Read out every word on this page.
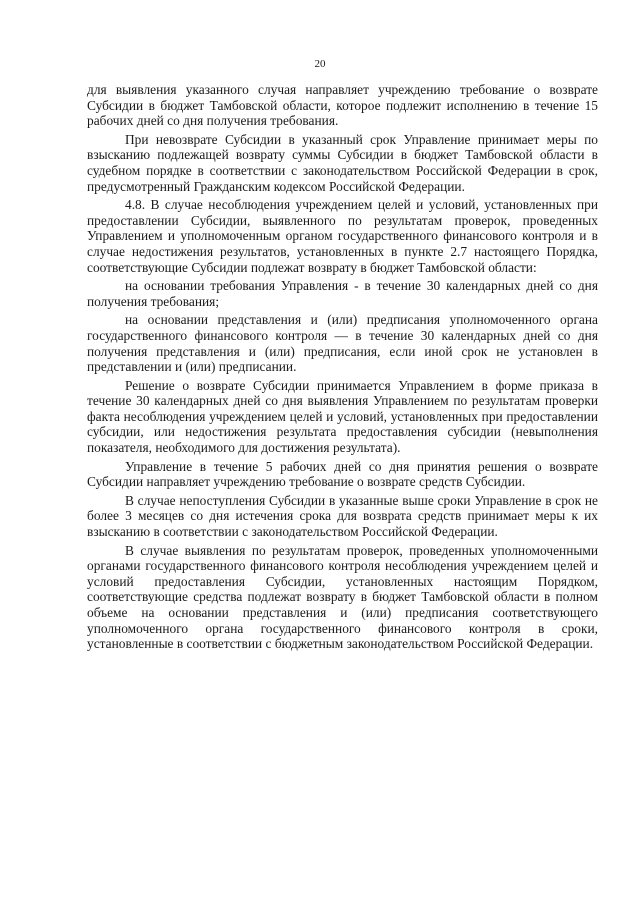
20

для выявления указанного случая направляет учреждению требование о возврате Субсидии в бюджет Тамбовской области, которое подлежит исполнению в течение 15 рабочих дней со дня получения требования.

При невозврате Субсидии в указанный срок Управление принимает меры по взысканию подлежащей возврату суммы Субсидии в бюджет Тамбовской области в судебном порядке в соответствии с законодательством Российской Федерации в срок, предусмотренный Гражданским кодексом Российской Федерации.

4.8. В случае несоблюдения учреждением целей и условий, установленных при предоставлении Субсидии, выявленного по результатам проверок, проведенных Управлением и уполномоченным органом государственного финансового контроля и в случае недостижения результатов, установленных в пункте 2.7 настоящего Порядка, соответствующие Субсидии подлежат возврату в бюджет Тамбовской области:

на основании требования Управления - в течение 30 календарных дней со дня получения требования;

на основании представления и (или) предписания уполномоченного органа государственного финансового контроля — в течение 30 календарных дней со дня получения представления и (или) предписания, если иной срок не установлен в представлении и (или) предписании.

Решение о возврате Субсидии принимается Управлением в форме приказа в течение 30 календарных дней со дня выявления Управлением по результатам проверки факта несоблюдения учреждением целей и условий, установленных при предоставлении субсидии, или недостижения результата предоставления субсидии (невыполнения показателя, необходимого для достижения результата).

Управление в течение 5 рабочих дней со дня принятия решения о возврате Субсидии направляет учреждению требование о возврате средств Субсидии.

В случае непоступления Субсидии в указанные выше сроки Управление в срок не более 3 месяцев со дня истечения срока для возврата средств принимает меры к их взысканию в соответствии с законодательством Российской Федерации.

В случае выявления по результатам проверок, проведенных уполномоченными органами государственного финансового контроля несоблюдения учреждением целей и условий предоставления Субсидии, установленных настоящим Порядком, соответствующие средства подлежат возврату в бюджет Тамбовской области в полном объеме на основании представления и (или) предписания соответствующего уполномоченного органа государственного финансового контроля в сроки, установленные в соответствии с бюджетным законодательством Российской Федерации.
